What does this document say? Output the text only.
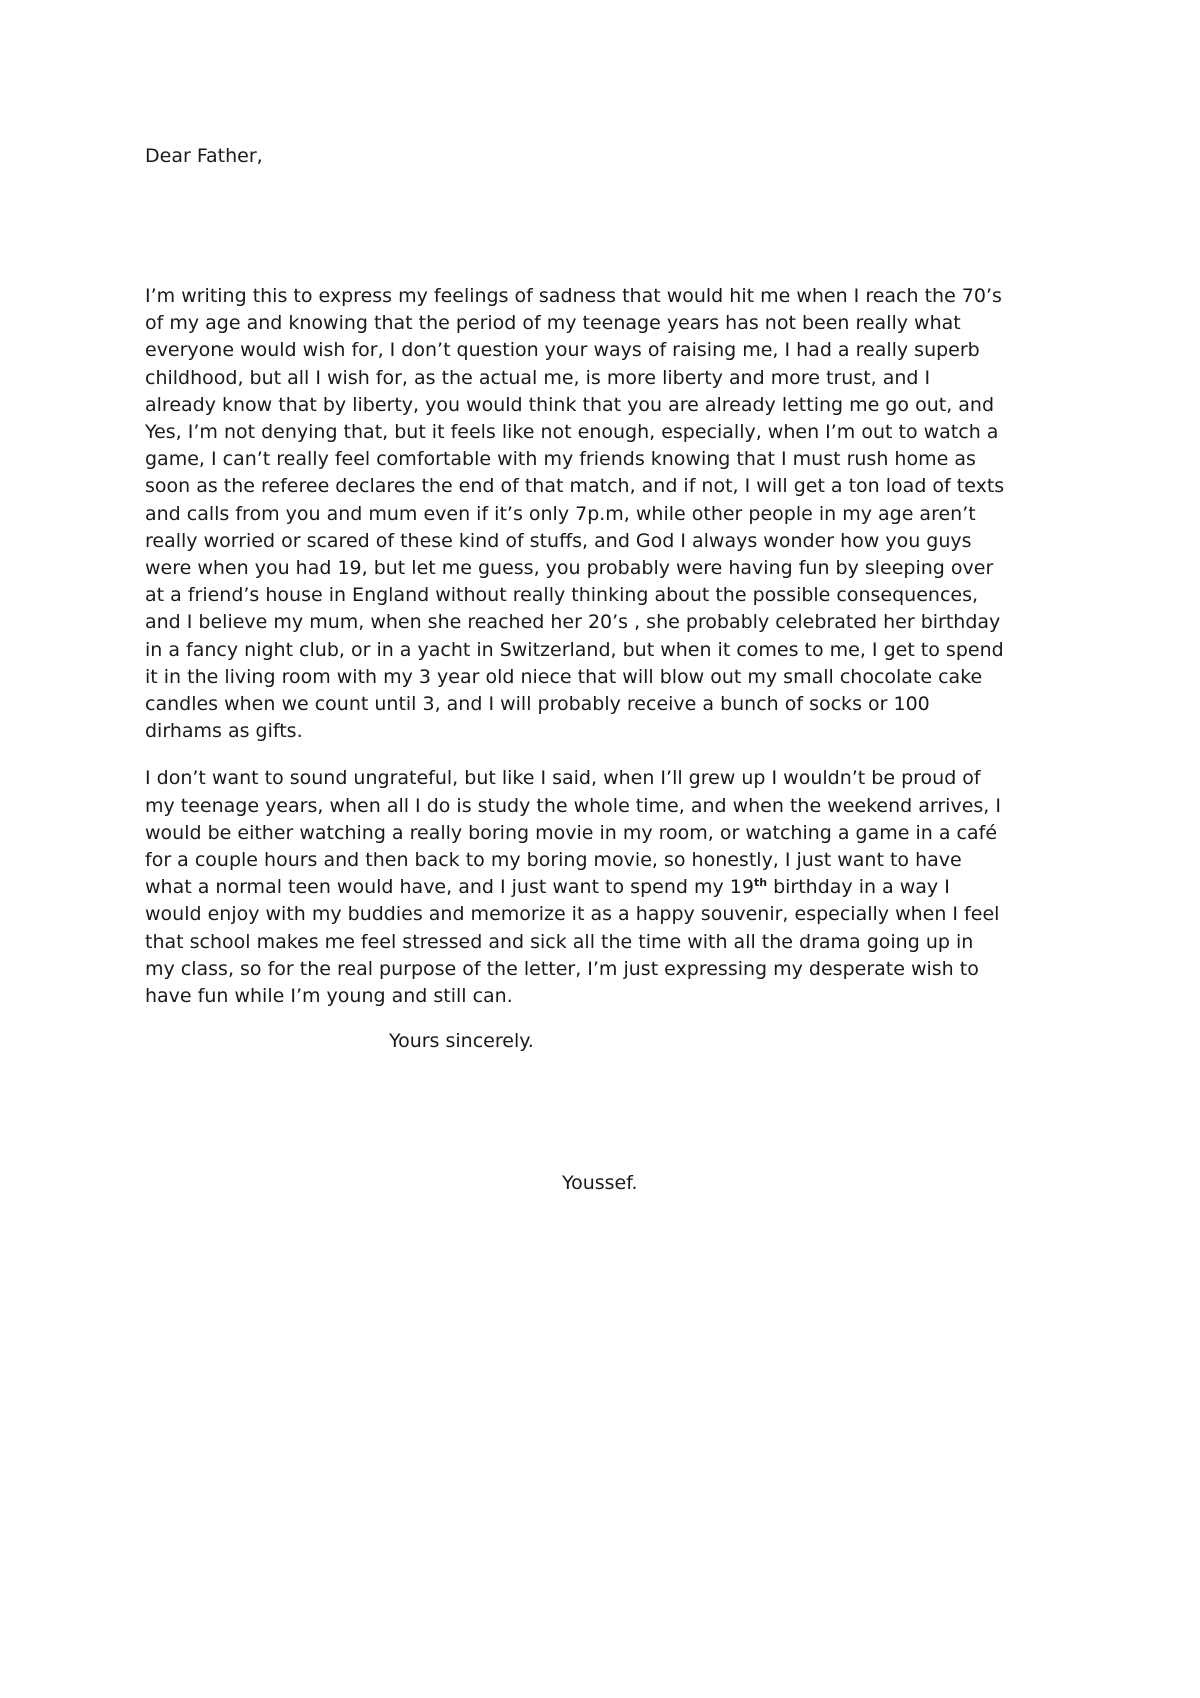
Dear Father,

I’m writing this to express my feelings of sadness that would hit me when I reach the 70’s
of my age and knowing that the period of my teenage years has not been really what
everyone would wish for, I don’t question your ways of raising me, I had a really superb
childhood, but all I wish for, as the actual me, is more liberty and more trust, and I
already know that by liberty, you would think that you are already letting me go out, and
Yes, I’m not denying that, but it feels like not enough, especially, when I’m out to watch a
game, I can’t really feel comfortable with my friends knowing that I must rush home as
soon as the referee declares the end of that match, and if not, I will get a ton load of texts
and calls from you and mum even if it’s only 7p.m, while other people in my age aren’t
really worried or scared of these kind of stuffs, and God I always wonder how you guys
were when you had 19, but let me guess, you probably were having fun by sleeping over
at a friend’s house in England without really thinking about the possible consequences,
and I believe my mum, when she reached her 20’s , she probably celebrated her birthday
in a fancy night club, or in a yacht in Switzerland, but when it comes to me, I get to spend
it in the living room with my 3 year old niece that will blow out my small chocolate cake
candles when we count until 3, and I will probably receive a bunch of socks or 100
dirhams as gifts.

I don’t want to sound ungrateful, but like I said, when I’ll grew up I wouldn’t be proud of
my teenage years, when all I do is study the whole time, and when the weekend arrives, I
would be either watching a really boring movie in my room, or watching a game in a café
for a couple hours and then back to my boring movie, so honestly, I just want to have
what a normal teen would have, and I just want to spend my 19th birthday in a way I
would enjoy with my buddies and memorize it as a happy souvenir, especially when I feel
that school makes me feel stressed and sick all the time with all the drama going up in
my class, so for the real purpose of the letter, I’m just expressing my desperate wish to
have fun while I’m young and still can.

Yours sincerely.

Youssef.
